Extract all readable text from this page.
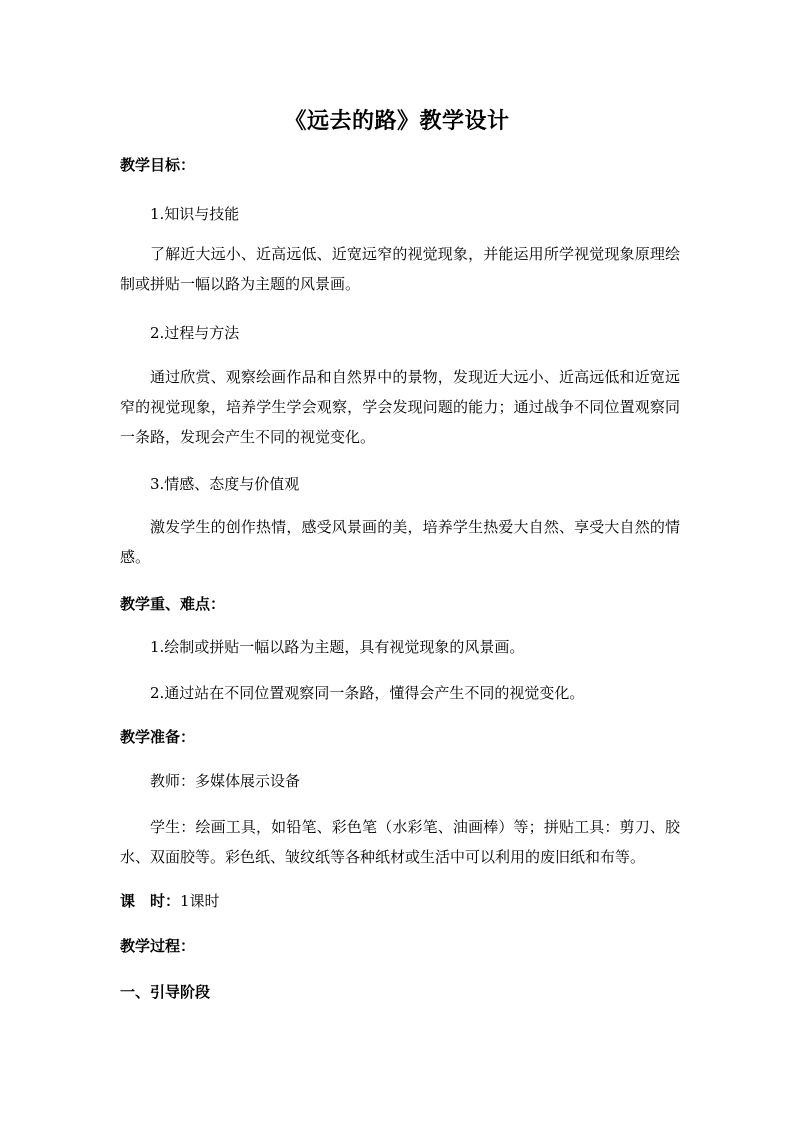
《远去的路》教学设计
教学目标：
1.知识与技能
了解近大远小、近高远低、近宽远窄的视觉现象，并能运用所学视觉现象原理绘制或拼贴一幅以路为主题的风景画。
2.过程与方法
通过欣赏、观察绘画作品和自然界中的景物，发现近大远小、近高远低和近宽远窄的视觉现象，培养学生学会观察，学会发现问题的能力；通过战争不同位置观察同一条路，发现会产生不同的视觉变化。
3.情感、态度与价值观
激发学生的创作热情，感受风景画的美，培养学生热爱大自然、享受大自然的情感。
教学重、难点：
1.绘制或拼贴一幅以路为主题，具有视觉现象的风景画。
2.通过站在不同位置观察同一条路，懂得会产生不同的视觉变化。
教学准备：
教师：多媒体展示设备
学生：绘画工具，如铅笔、彩色笔（水彩笔、油画棒）等；拼贴工具：剪刀、胶水、双面胶等。彩色纸、皱纹纸等各种纸材或生活中可以利用的废旧纸和布等。
课　时：1课时
教学过程：
一、引导阶段
